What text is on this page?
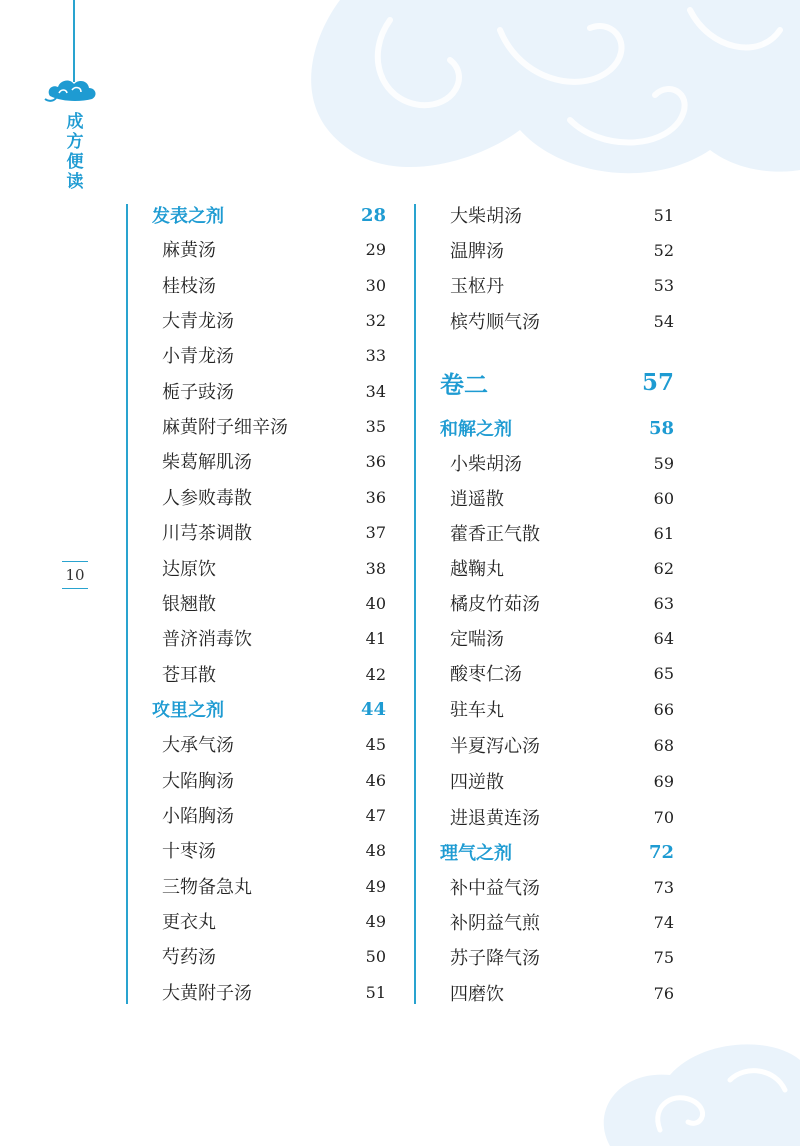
成方便读
10
发表之剂	28
麻黄汤	29
桂枝汤	30
大青龙汤	32
小青龙汤	33
栀子豉汤	34
麻黄附子细辛汤	35
柴葛解肌汤	36
人参败毒散	36
川芎茶调散	37
达原饮	38
银翘散	40
普济消毒饮	41
苍耳散	42
攻里之剂	44
大承气汤	45
大陷胸汤	46
小陷胸汤	47
十枣汤	48
三物备急丸	49
更衣丸	49
芍药汤	50
大黄附子汤	51
大柴胡汤	51
温脾汤	52
玉枢丹	53
槟芍顺气汤	54
卷二	57
和解之剂	58
小柴胡汤	59
逍遥散	60
藿香正气散	61
越鞠丸	62
橘皮竹茹汤	63
定喘汤	64
酸枣仁汤	65
驻车丸	66
半夏泻心汤	68
四逆散	69
进退黄连汤	70
理气之剂	72
补中益气汤	73
补阴益气煎	74
苏子降气汤	75
四磨饮	76
